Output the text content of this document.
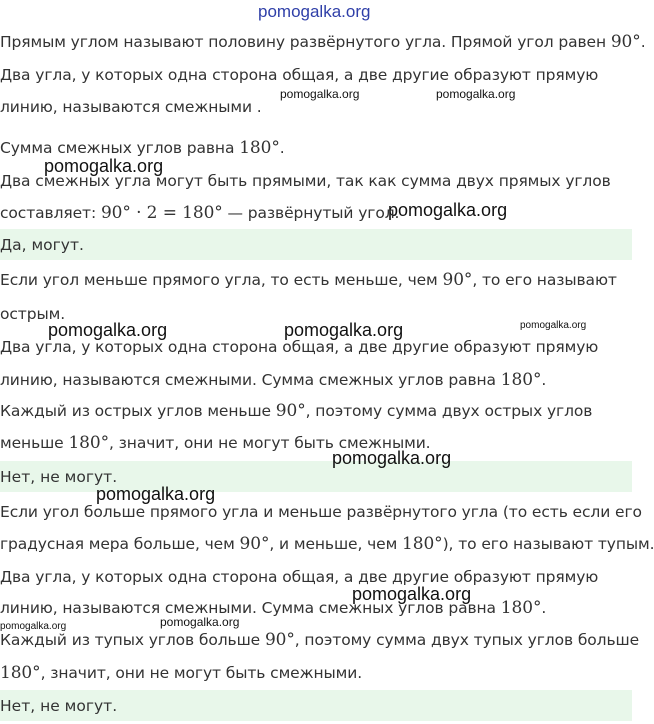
pomogalka.org
pomogalka.org	pomogalka.org
pomogalka.org
pomogalka.org
pomogalka.org	pomogalka.org	pomogalka.org
Прямым углом называют половину развёрнутого угла. Прямой угол равен 90°.
Два угла, у которых одна сторона общая, а две другие образуют прямую
линию, называются смежными .
Сумма смежных углов равна 180°.
Два смежных угла могут быть прямыми, так как сумма двух прямых углов
составляет: 90° · 2 = 180° — развёрнутый угол.
Да, могут.
Если угол меньше прямого угла, то есть меньше, чем 90°, то его называют
острым.
Два угла, у которых одна сторона общая, а две другие образуют прямую
линию, называются смежными. Сумма смежных углов равна 180°.
Каждый из острых углов меньше 90°, поэтому сумма двух острых углов
меньше 180°, значит, они не могут быть смежными.
Нет, не могут.
pomogalka.org
pomogalka.org
Если угол больше прямого угла и меньше развёрнутого угла (то есть если его
градусная мера больше, чем 90°, и меньше, чем 180°), то его называют тупым.
Два угла, у которых одна сторона общая, а две другие образуют прямую
линию, называются смежными. Сумма смежных углов равна 180°.
Каждый из тупых углов больше 90°, поэтому сумма двух тупых углов больше
180°, значит, они не могут быть смежными.
Нет, не могут.
pomogalka.org
pomogalka.org	pomogalka.org
